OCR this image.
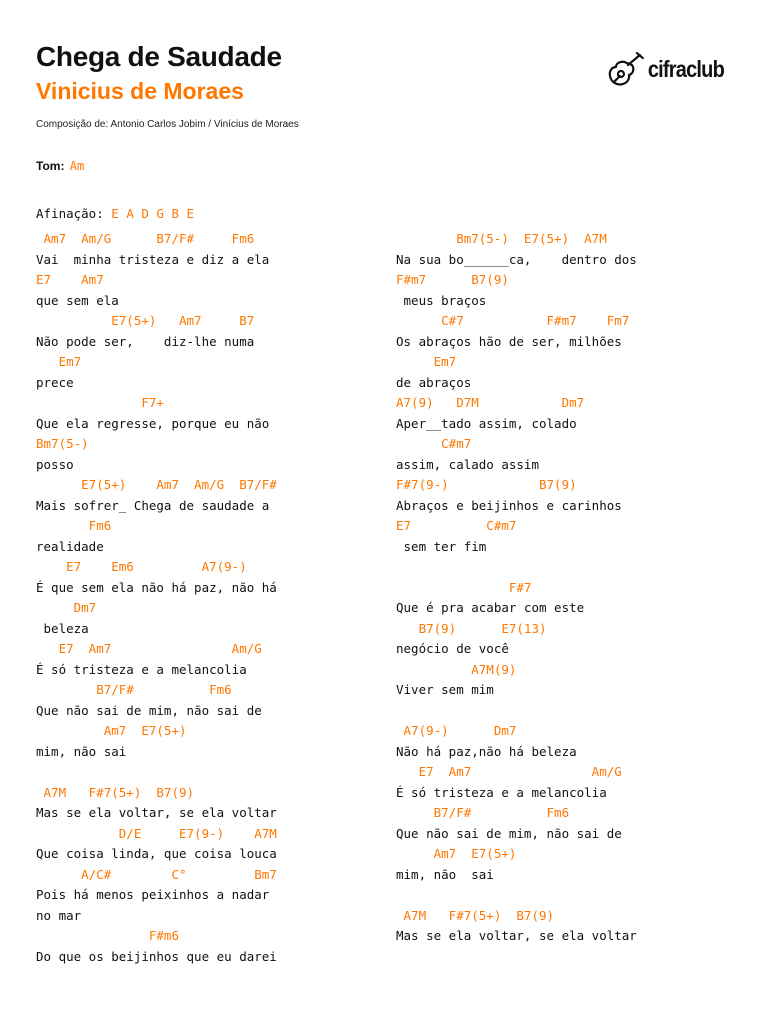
Chega de Saudade
Vinicius de Moraes
Composição de: Antonio Carlos Jobim / Vinícius de Moraes
cifraclub
Tom: Am
Afinação: E A D G B E
Am7  Am/G      B7/F#     Fm6
Vai  minha tristeza e diz a ela
E7    Am7
que sem ela
E7(5+)   Am7     B7
Não pode ser,    diz-lhe numa
Em7
prece
F7+
Que ela regresse, porque eu não
Bm7(5-)
posso
E7(5+)    Am7  Am/G  B7/F#
Mais sofrer_ Chega de saudade a
Fm6
realidade
E7    Em6         A7(9-)
É que sem ela não há paz, não há
Dm7
beleza
E7  Am7                Am/G
É só tristeza e a melancolia
B7/F#          Fm6
Que não sai de mim, não sai de
Am7  E7(5+)
mim, não sai
A7M   F#7(5+)  B7(9)
Mas se ela voltar, se ela voltar
D/E     E7(9-)    A7M
Que coisa linda, que coisa louca
A/C#        C°         Bm7
Pois há menos peixinhos a nadar
no mar
F#m6
Do que os beijinhos que eu darei
Bm7(5-)  E7(5+)  A7M
Na sua bo______ca,    dentro dos
F#m7      B7(9)
meus braços
C#7           F#m7    Fm7
Os abraços hão de ser, milhões
Em7
de abraços
A7(9)   D7M           Dm7
Aper__tado assim, colado
C#m7
assim, calado assim
F#7(9-)            B7(9)
Abraços e beijinhos e carinhos
E7          C#m7
sem ter fim
F#7
Que é pra acabar com este
B7(9)      E7(13)
negócio de você
A7M(9)
Viver sem mim
A7(9-)      Dm7
Não há paz,não há beleza
E7  Am7                Am/G
É só tristeza e a melancolia
B7/F#          Fm6
Que não sai de mim, não sai de
Am7  E7(5+)
mim, não  sai
A7M   F#7(5+)  B7(9)
Mas se ela voltar, se ela voltar
